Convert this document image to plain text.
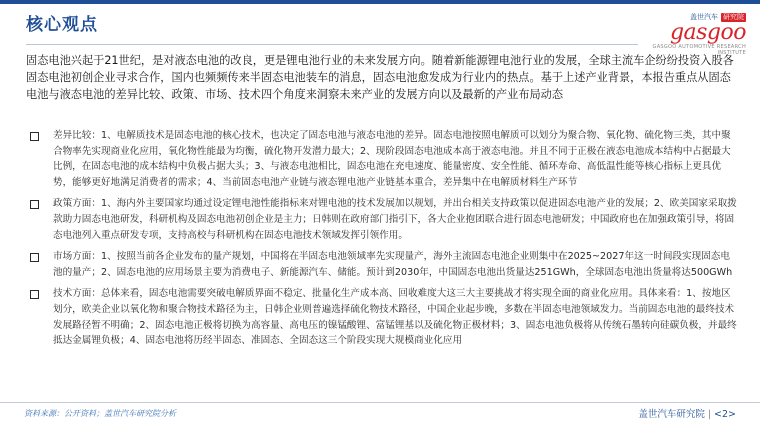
核心观点	盖世汽车 研究院
gasgoo
GASGOO AUTOMOTIVE RESEARCH INSTITUTE

固态电池兴起于21世纪，是对液态电池的改良，更是锂电池行业的未来发展方向。随着新能源锂电池行业的发展，全球主流车企纷纷投资入股各固态电池初创企业寻求合作，国内也频频传来半固态电池装车的消息，固态电池愈发成为行业内的热点。基于上述产业背景，本报告重点从固态电池与液态电池的差异比较、政策、市场、技术四个角度来洞察未来产业的发展方向以及最新的产业布局动态

差异比较：1、电解质技术是固态电池的核心技术，也决定了固态电池与液态电池的差异。固态电池按照电解质可以划分为聚合物、氧化物、硫化物三类，其中聚合物率先实现商业化应用，氧化物性能最为均衡，硫化物开发潜力最大；2、现阶段固态电池成本高于液态电池。并且不同于正极在液态电池成本结构中占据最大比例，在固态电池的成本结构中负极占据大头；3、与液态电池相比，固态电池在充电速度、能量密度、安全性能、循环寿命、高低温性能等核心指标上更具优势，能够更好地满足消费者的需求；4、当前固态电池产业链与液态锂电池产业链基本重合，差异集中在电解质材料生产环节
政策方面：1、海内外主要国家均通过设定锂电池性能指标来对锂电池的技术发展加以规划，并出台相关支持政策以促进固态电池产业的发展；2、欧美国家采取拨款助力固态电池研发，科研机构及固态电池初创企业是主力；日韩则在政府部门指引下，各大企业抱团联合进行固态电池研发；中国政府也在加强政策引导，将固态电池列入重点研发专项，支持高校与科研机构在固态电池技术领域发挥引领作用。
市场方面：1、按照当前各企业发布的量产规划，中国将在半固态电池领域率先实现量产，海外主流固态电池企业则集中在2025~2027年这一时间段实现固态电池的量产；2、固态电池的应用场景主要为消费电子、新能源汽车、储能。预计到2030年，中国固态电池出货量达251GWh，全球固态电池出货量将达500GWh
技术方面：总体来看，固态电池需要突破电解质界面不稳定、批量化生产成本高、回收难度大这三大主要挑战才将实现全面的商业化应用。具体来看：1、按地区划分，欧美企业以氧化物和聚合物技术路径为主，日韩企业则普遍选择硫化物技术路径，中国企业起步晚，多数在半固态电池领域发力。当前固态电池的最终技术发展路径暂不明确；2、固态电池正极将切换为高容量、高电压的镍锰酸锂、富锰锂基以及硫化物正极材料；3、固态电池负极将从传统石墨转向硅碳负极，并最终抵达金属锂负极；4、固态电池将历经半固态、准固态、全固态这三个阶段实现大规模商业化应用
资料来源：公开资料；盖世汽车研究院分析	盖世汽车研究院 | <2>
